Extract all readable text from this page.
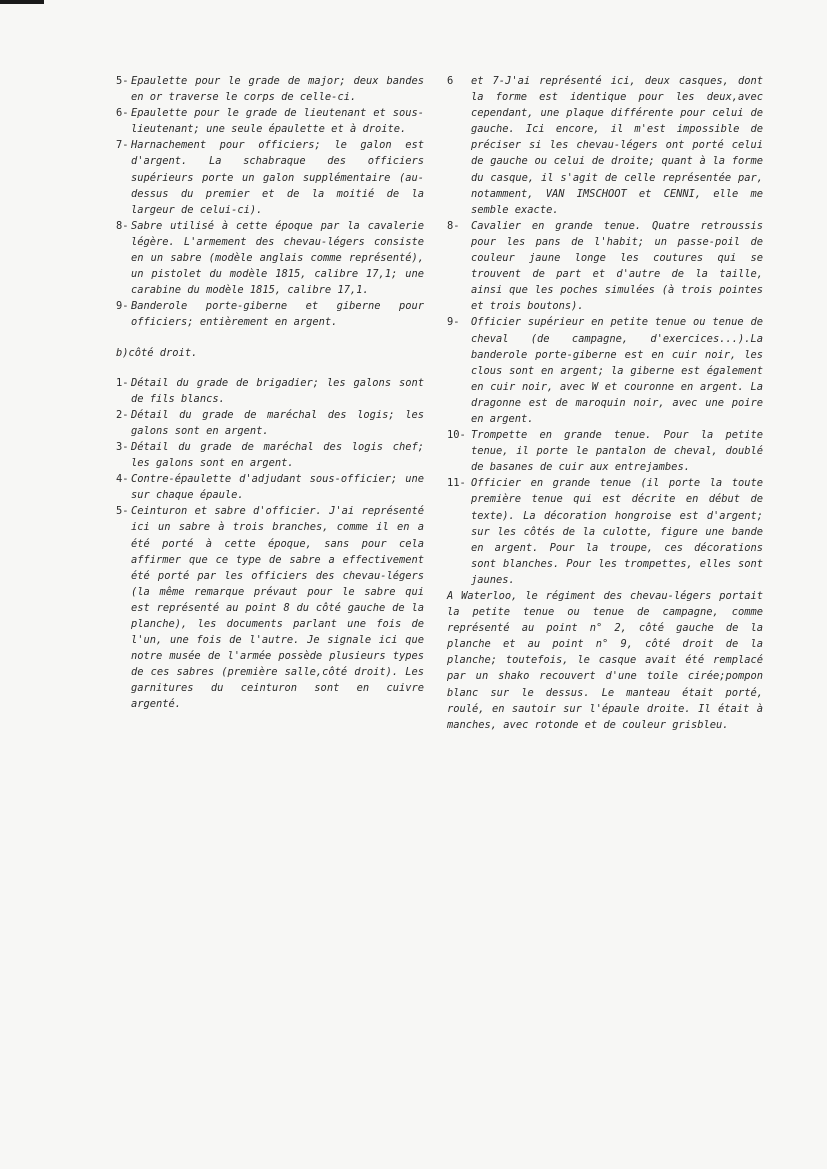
5- Epaulette pour le grade de major; deux bandes en or traverse le corps de celle-ci.
6- Epaulette pour le grade de lieutenant et sous-lieutenant; une seule épaulette et à droite.
7- Harnachement pour officiers; le galon est d'argent. La schabraque des officiers supérieurs porte un galon supplémentaire (au-dessus du premier et de la moitié de la largeur de celui-ci).
8- Sabre utilisé à cette époque par la cavalerie légère. L'armement des chevau-légers consiste en un sabre (modèle anglais comme représenté), un pistolet du modèle 1815, calibre 17,1; une carabine du modèle 1815, calibre 17,1.
9- Banderole porte-giberne et giberne pour officiers; entièrement en argent.

b)côté droit.

1- Détail du grade de brigadier; les galons sont de fils blancs.
2- Détail du grade de maréchal des logis; les galons sont en argent.
3- Détail du grade de maréchal des logis chef; les galons sont en argent.
4- Contre-épaulette d'adjudant sous-officier; une sur chaque épaule.
5- Ceinturon et sabre d'officier. J'ai représenté ici un sabre à trois branches, comme il en a été porté à cette époque, sans pour cela affirmer que ce type de sabre a effectivement été porté par les officiers des chevau-légers (la même remarque prévaut pour le sabre qui est représenté au point 8 du côté gauche de la planche), les documents parlant une fois de l'un, une fois de l'autre. Je signale ici que notre musée de l'armée possède plusieurs types de ces sabres (première salle,côté droit). Les garnitures du ceinturon sont en cuivre argenté.
6	et 7-J'ai représenté ici, deux casques, dont la forme est identique pour les deux,avec cependant, une plaque différente pour celui de gauche. Ici encore, il m'est impossible de préciser si les chevau-légers ont porté celui de gauche ou celui de droite; quant à la forme du casque, il s'agit de celle représentée par, notamment, VAN IMSCHOOT et CENNI, elle me semble exacte.
8-	Cavalier en grande tenue. Quatre retroussis pour les pans de l'habit; un passe-poil de couleur jaune longe les coutures qui se trouvent de part et d'autre de la taille, ainsi que les poches simulées (à trois pointes et trois boutons).
9-	Officier supérieur en petite tenue ou tenue de cheval (de campagne, d'exercices...).La banderole porte-giberne est en cuir noir, les clous sont en argent; la giberne est également en cuir noir, avec W et couronne en argent. La dragonne est de maroquin noir, avec une poire en argent.
10- Trompette en grande tenue. Pour la petite tenue, il porte le pantalon de cheval, doublé de basanes de cuir aux entrejambes.
11- Officier en grande tenue (il porte la toute première tenue qui est décrite en début de texte). La décoration hongroise est d'argent; sur les côtés de la culotte, figure une bande en argent. Pour la troupe, ces décorations sont blanches. Pour les trompettes, elles sont jaunes.

A Waterloo, le régiment des chevau-légers portait la petite tenue ou tenue de campagne, comme représenté au point n° 2, côté gauche de la planche et au point n° 9, côté droit de la planche; toutefois, le casque avait été remplacé par un shako recouvert d'une toile cirée;pompon blanc sur le dessus. Le manteau était porté, roulé, en sautoir sur l'épaule droite. Il était à manches, avec rotonde et de couleur grisbleu.
